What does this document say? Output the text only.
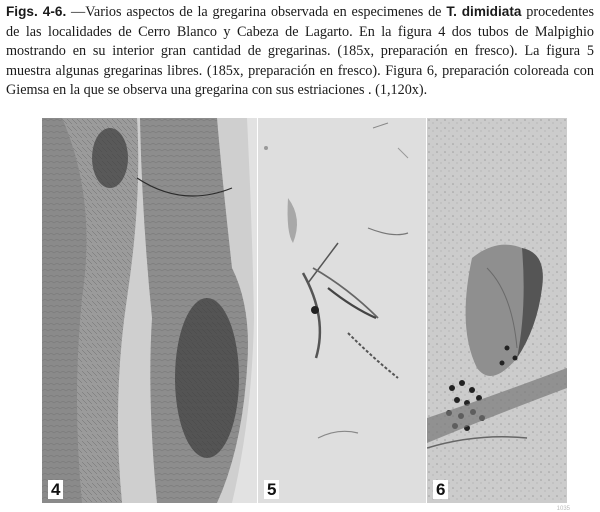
Figs. 4-6. —Varios aspectos de la gregarina observada en especimenes de T. dimidiata procedentes de las localidades de Cerro Blanco y Cabeza de Lagarto. En la figura 4 dos tubos de Malpighio mostrando en su interior gran cantidad de gregarinas. (185x, preparación en fresco). La figura 5 muestra algunas gregarinas libres. (185x, preparación en fresco). Figura 6, preparación coloreada con Giemsa en la que se observa una gregarina con sus estriaciones . (1,120x).
4	5	6
1035
